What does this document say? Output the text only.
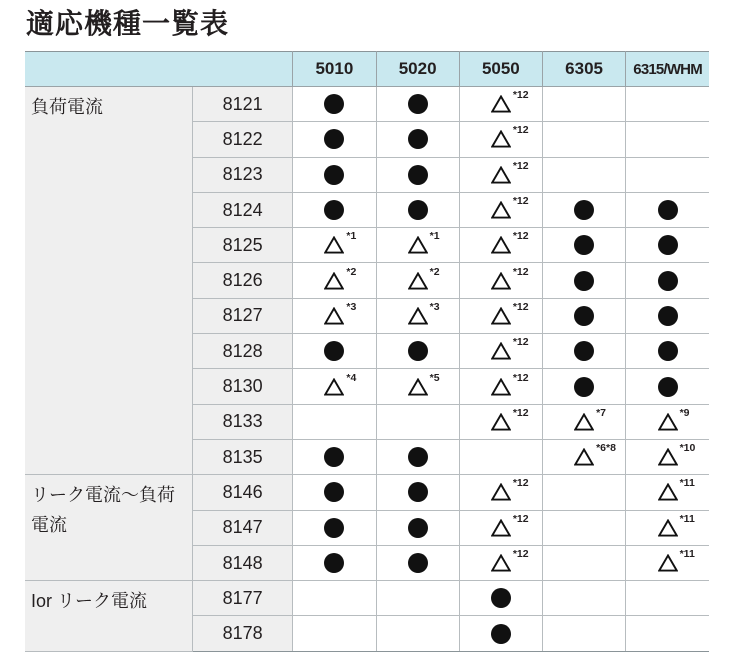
適応機種一覧表
		5010	5020	5050	6305	6315/WHM
負荷電流	8121			*12		

	8122			*12		

	8123			*12		

	8124			*12		

	8125	*1	*1	*12		

	8126	*2	*2	*12		

	8127	*3	*3	*12		

	8128			*12		

	8130	*4	*5	*12		

	8133			*12	*7	*9

	8135				*6*8	*10

リーク電流～負荷電流	8146			*12		*11

	8147			*12		*11

	8148			*12		*11

Ior リーク電流	8177			

	8178			
